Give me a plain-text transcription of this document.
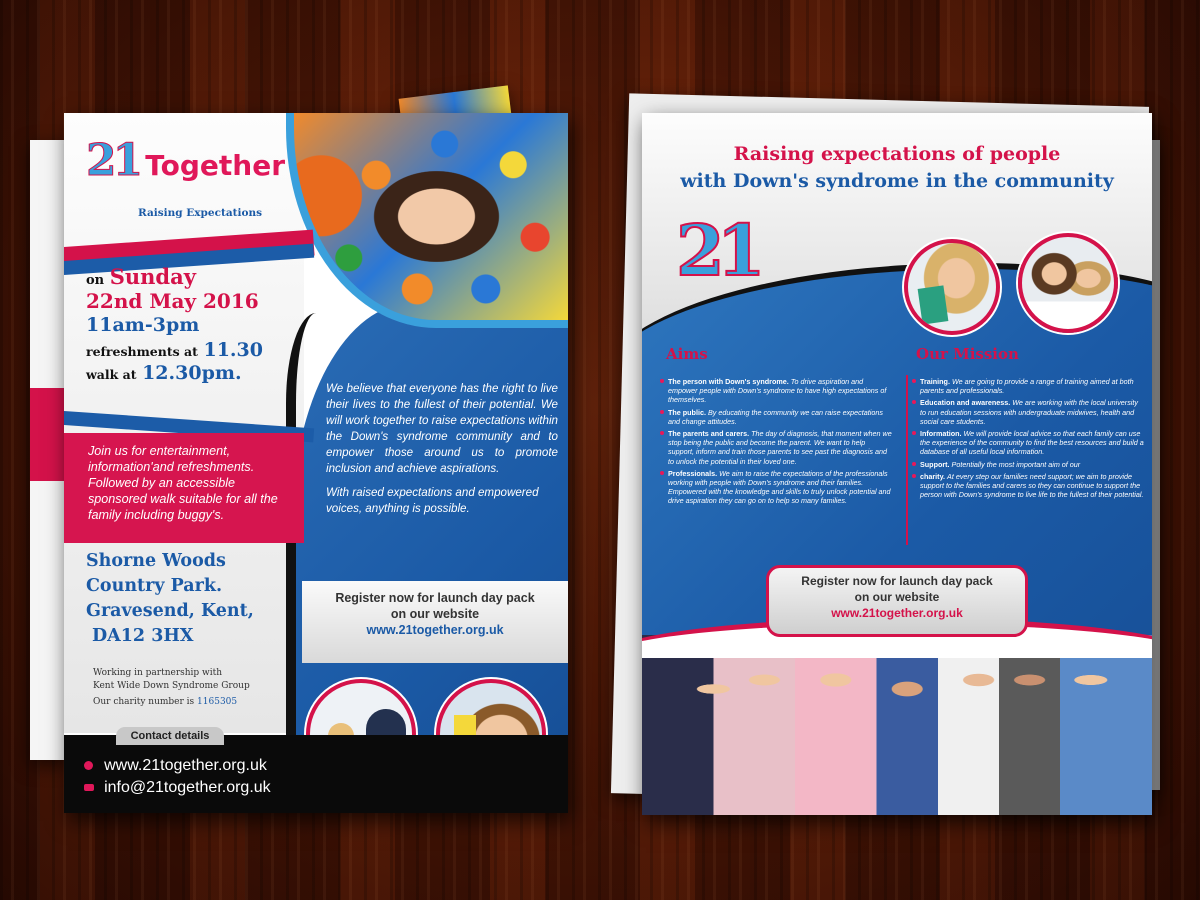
21 Together
Raising Expectations
on Sunday
22nd May 2016
11am-3pm
refreshments at 11.30
walk at 12.30pm.
Join us for entertainment, information'and refreshments. Followed by an accessible sponsored walk suitable for all the family including buggy's.

We believe that everyone has the right to live their lives to the fullest of their potential. We will work together to raise expectations within the Down's syndrome community and to empower those around us to promote inclusion and achieve aspirations.

With raised expectations and empowered voices, anything is possible.

Shorne Woods
Country Park.
Gravesend, Kent,
DA12 3HX
Working in partnership with
Kent Wide Down Syndrome Group
Our charity number is 1165305
Register now for launch day pack
on our website
www.21together.org.uk
Contact details
www.21together.org.uk
info@21together.org.uk
Raising expectations of people
with Down's syndrome in the community
21
Aims
The person with Down's syndrome. To drive aspiration and empower people with Down's syndrome to have high expectations of themselves.
The public. By educating the community we can raise expectations and change attitudes.
The parents and carers. The day of diagnosis, that moment when we stop being the public and become the parent. We want to help support, inform and train those parents to see past the diagnosis and to unlock the potential in their loved one.
Professionals. We aim to raise the expectations of the professionals working with people with Down's syndrome and their families. Empowered with the knowledge and skills to truly unlock potential and drive aspiration they can go on to help so many families.
Our Mission
Training. We are going to provide a range of training aimed at both parents and professionals.
Education and awareness. We are working with the local university to run education sessions with undergraduate midwives, health and social care students.
Information. We will provide local advice so that each family can use the experience of the community to find the best resources and build a database of all useful local information.
Support. Potentially the most important aim of our
charity. At every step our families need support; we aim to provide support to the families and carers so they can continue to support the person with Down's syndrome to live life to the fullest of their potential.
Register now for launch day pack
on our website
www.21together.org.uk
